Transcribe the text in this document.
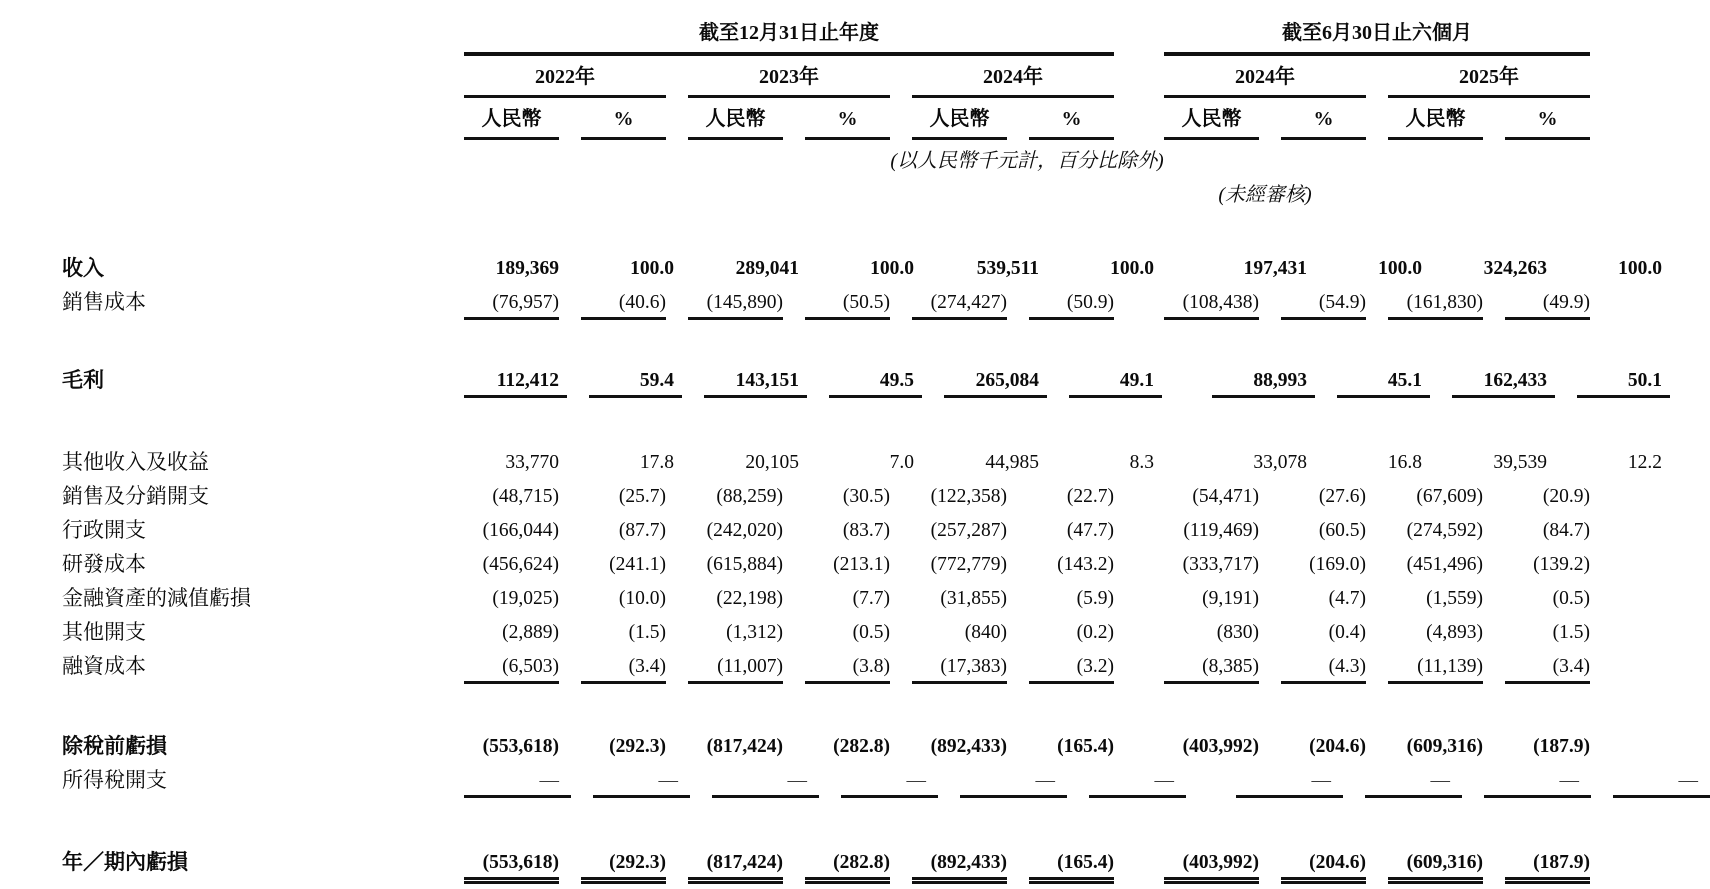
截至12月31日止年度	截至6月30日止六個月
2022年	2023年	2024年	2024年	2025年
人民幣	%	人民幣	%	人民幣	%	人民幣	%	人民幣	%
(以人民幣千元計，百分比除外)
(未經審核)
收入	189,369	100.0	289,041	100.0	539,511	100.0	197,431	100.0	324,263	100.0
銷售成本	(76,957)	(40.6)	(145,890)	(50.5)	(274,427)	(50.9)	(108,438)	(54.9)	(161,830)	(49.9)
毛利	112,412	59.4	143,151	49.5	265,084	49.1	88,993	45.1	162,433	50.1
其他收入及收益	33,770	17.8	20,105	7.0	44,985	8.3	33,078	16.8	39,539	12.2
銷售及分銷開支	(48,715)	(25.7)	(88,259)	(30.5)	(122,358)	(22.7)	(54,471)	(27.6)	(67,609)	(20.9)
行政開支	(166,044)	(87.7)	(242,020)	(83.7)	(257,287)	(47.7)	(119,469)	(60.5)	(274,592)	(84.7)
研發成本	(456,624)	(241.1)	(615,884)	(213.1)	(772,779)	(143.2)	(333,717)	(169.0)	(451,496)	(139.2)
金融資產的減值虧損	(19,025)	(10.0)	(22,198)	(7.7)	(31,855)	(5.9)	(9,191)	(4.7)	(1,559)	(0.5)
其他開支	(2,889)	(1.5)	(1,312)	(0.5)	(840)	(0.2)	(830)	(0.4)	(4,893)	(1.5)
融資成本	(6,503)	(3.4)	(11,007)	(3.8)	(17,383)	(3.2)	(8,385)	(4.3)	(11,139)	(3.4)
除稅前虧損	(553,618)	(292.3)	(817,424)	(282.8)	(892,433)	(165.4)	(403,992)	(204.6)	(609,316)	(187.9)
所得稅開支	—	—	—	—	—	—	—	—	—	—
年／期內虧損	(553,618)	(292.3)	(817,424)	(282.8)	(892,433)	(165.4)	(403,992)	(204.6)	(609,316)	(187.9)
